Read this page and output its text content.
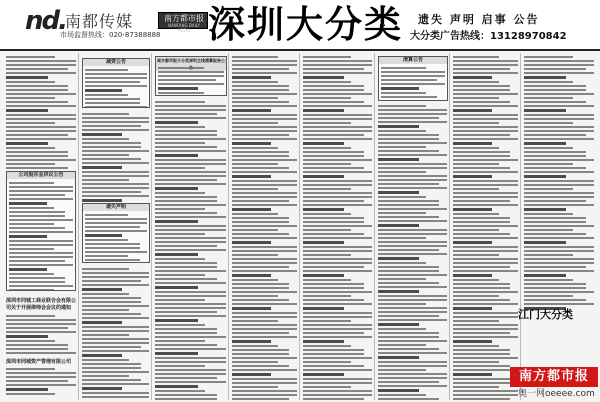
nd. 南都传媒	南方都市报
NANFANG DAILY MEDIA
市场监督热线：020-87388888 深圳大分类 遗失 声明 启事 公告
大分类广告热线：13128970842
公司股东会决议公告
深圳市同城工商业联合会有限公司关于开展律师会会议的通知
深圳市同城资产管理有限公司
减资公告
遗失声明
南方都市报大分类深圳主线清算报告公	清算公告
江门大分类
南方都市报
奥一网oeeee.com
